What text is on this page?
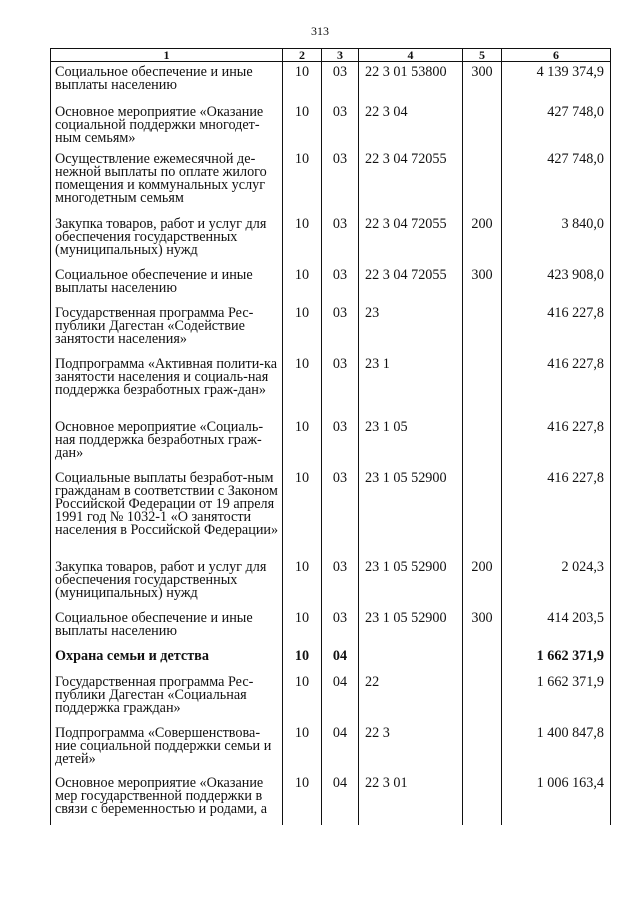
313
1	2	3	4	5	6
Социальное обеспечение и иные выплаты населению	10	03	22 3 01 53800	300	4 139 374,9
Основное мероприятие «Оказание социальной поддержки многодет-ным семьям»	10	03	22 3 04		427 748,0
Осуществление ежемесячной де-нежной выплаты по оплате жилого помещения и коммунальных услуг многодетным семьям	10	03	22 3 04 72055		427 748,0
Закупка товаров, работ и услуг для обеспечения государственных (муниципальных) нужд	10	03	22 3 04 72055	200	3 840,0
Социальное обеспечение и иные выплаты населению	10	03	22 3 04 72055	300	423 908,0
Государственная программа Рес-публики Дагестан «Содействие занятости населения»	10	03	23		416 227,8
Подпрограмма «Активная полити-ка занятости населения и социаль-ная поддержка безработных граж-дан»	10	03	23 1		416 227,8
Основное мероприятие «Социаль-ная поддержка безработных граж-дан»	10	03	23 1 05		416 227,8
Социальные выплаты безработ-ным гражданам в соответствии с Законом Российской Федерации от 19 апреля 1991 год № 1032-1 «О занятости населения в Российской Федерации»	10	03	23 1 05 52900		416 227,8
Закупка товаров, работ и услуг для обеспечения государственных (муниципальных) нужд	10	03	23 1 05 52900	200	2 024,3
Социальное обеспечение и иные выплаты населению	10	03	23 1 05 52900	300	414 203,5
Охрана семьи и детства	10	04			1 662 371,9
Государственная программа Рес-публики Дагестан «Социальная поддержка граждан»	10	04	22		1 662 371,9
Подпрограмма «Совершенствова-ние социальной поддержки семьи и детей»	10	04	22 3		1 400 847,8
Основное мероприятие «Оказание мер государственной поддержки в связи с беременностью и родами, а	10	04	22 3 01		1 006 163,4
